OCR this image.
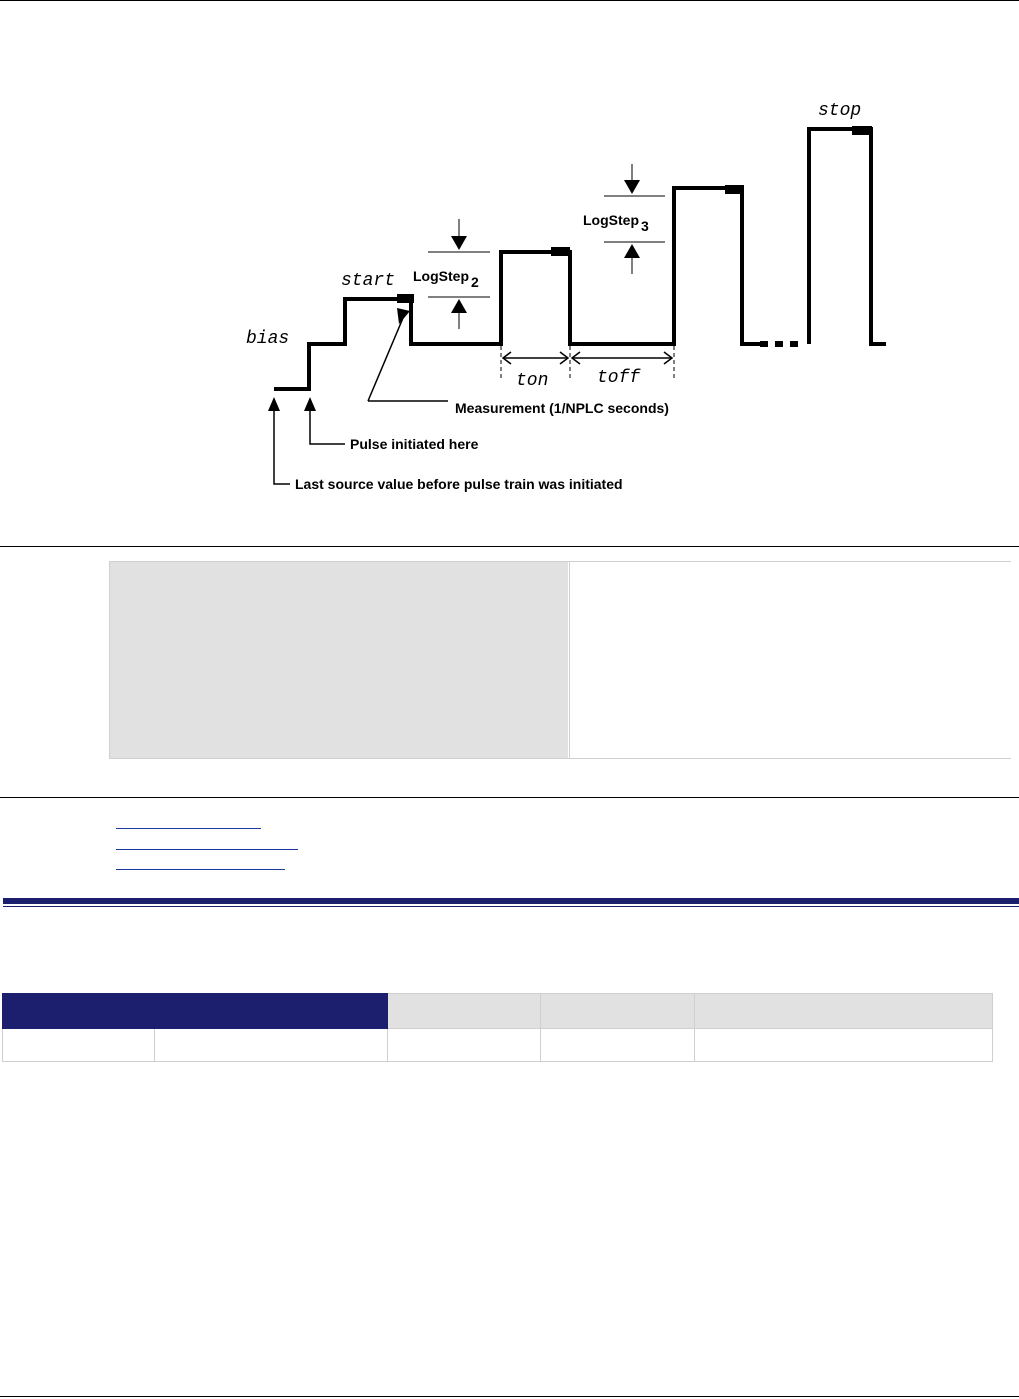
bias
start
stop
ton	toff
LogStep 2
LogStep 3
Measurement (1/NPLC seconds)
Pulse initiated here
Last source value before pulse train was initiated
